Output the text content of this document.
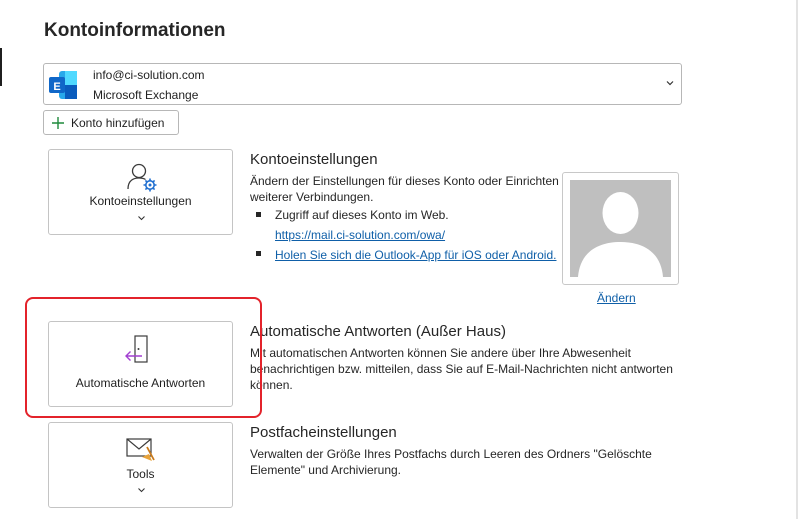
Kontoinformationen
E
info@ci-solution.com
Microsoft Exchange
Konto hinzufügen
Kontoeinstellungen
Kontoeinstellungen
Ändern der Einstellungen für dieses Konto oder Einrichten
weiterer Verbindungen.
Zugriff auf dieses Konto im Web.
https://mail.ci-solution.com/owa/
Holen Sie sich die Outlook-App für iOS oder Android.
Ändern
Automatische Antworten
Automatische Antworten (Außer Haus)
Mit automatischen Antworten können Sie andere über Ihre Abwesenheit
benachrichtigen bzw. mitteilen, dass Sie auf E-Mail-Nachrichten nicht antworten
können.
Tools
Postfacheinstellungen
Verwalten der Größe Ihres Postfachs durch Leeren des Ordners "Gelöschte
Elemente" und Archivierung.
